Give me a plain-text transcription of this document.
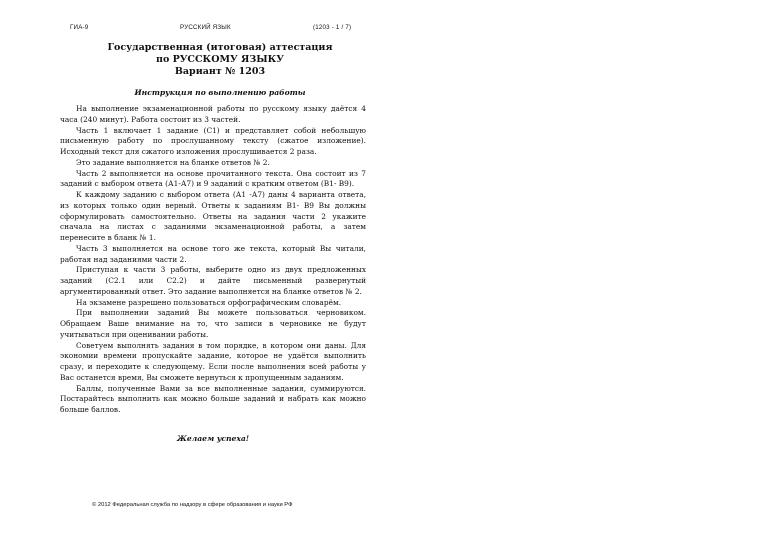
ГИА-9	РУССКИЙ ЯЗЫК	(1203 - 1 / 7)
Государственная (итоговая) аттестация
по РУССКОМУ ЯЗЫКУ
Вариант № 1203
Инструкция по выполнению работы

На выполнение экзаменационной работы по русскому языку даётся 4 часа (240 минут). Работа состоит из 3 частей.

Часть 1 включает 1 задание (С1) и представляет собой небольшую письменную работу по прослушанному тексту (сжатое изложение). Исходный текст для сжатого изложения прослушивается 2 раза.

Это задание выполняется на бланке ответов № 2.

Часть 2 выполняется на основе прочитанного текста. Она состоит из 7 заданий с выбором ответа (А1-А7) и 9 заданий с кратким ответом (В1- В9).

К каждому заданию с выбором ответа (А1 -А7) даны 4 варианта ответа, из которых только один верный. Ответы к заданиям В1- В9 Вы должны сформулировать самостоятельно. Ответы на задания части 2 укажите сначала на листах с заданиями экзаменационной работы, а затем перенесите в бланк № 1.

Часть 3 выполняется на основе того же текста, который Вы читали, работая над заданиями части 2.

Приступая к части 3 работы, выберите одно из двух предложенных заданий (С2.1 или С2.2) и дайте письменный развернутый аргументированный ответ. Это задание выполняется на бланке ответов № 2.

На экзамене разрешено пользоваться орфографическим словарём.

При выполнении заданий Вы можете пользоваться черновиком. Обращаем Ваше внимание на то, что записи в черновике не будут учитываться при оценивании работы.

Советуем выполнять задания в том порядке, в котором они даны. Для экономии времени пропускайте задание, которое не удаётся выполнить сразу, и переходите к следующему. Если после выполнения всей работы у Вас останется время, Вы сможете вернуться к пропущенным заданиям.

Баллы, полученные Вами за все выполненные задания, суммируются. Постарайтесь выполнить как можно больше заданий и набрать как можно больше баллов.

Желаем успеха!
© 2012 Федеральная служба по надзору в сфере образования и науки РФ
